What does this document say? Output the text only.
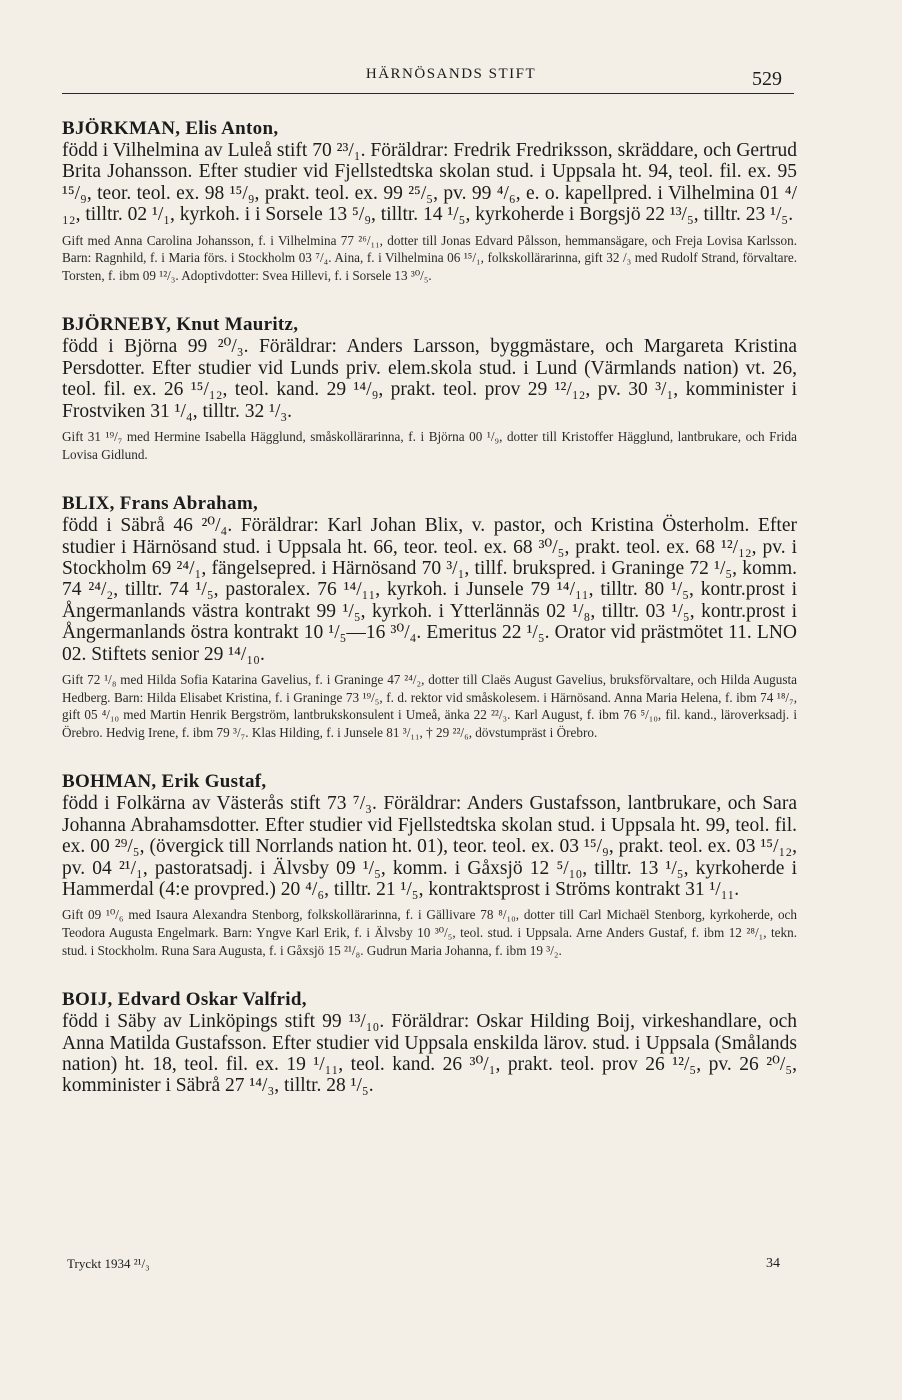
HÄRNÖSANDS STIFT	529
BJÖRKMAN, Elis Anton,
född i Vilhelmina av Luleå stift 70 ²³/₁. Föräldrar: Fredrik Fredriksson, skräddare, och Gertrud Brita Johansson. Efter studier vid Fjellstedtska skolan stud. i Uppsala ht. 94, teol. fil. ex. 95 ¹⁵/₉, teor. teol. ex. 98 ¹⁵/₉, prakt. teol. ex. 99 ²⁵/₅, pv. 99 ⁴/₆, e. o. kapellpred. i Vilhelmina 01 ⁴/₁₂, tilltr. 02 ¹/₁, kyrkoh. i i Sorsele 13 ⁵/₉, tilltr. 14 ¹/₅, kyrkoherde i Borgsjö 22 ¹³/₅, tilltr. 23 ¹/₅.
Gift med Anna Carolina Johansson, f. i Vilhelmina 77 ²⁶/₁₁, dotter till Jonas Edvard Pålsson, hemmansägare, och Freja Lovisa Karlsson. Barn: Ragnhild, f. i Maria förs. i Stockholm 03 ⁷/₄. Aina, f. i Vilhelmina 06 ¹⁵/₁, folkskollärarinna, gift 32 /₃ med Rudolf Strand, förvaltare. Torsten, f. ibm 09 ¹²/₃. Adoptivdotter: Svea Hillevi, f. i Sorsele 13 ³⁰/₅.
BJÖRNEBY, Knut Mauritz,
född i Björna 99 ²⁰/₃. Föräldrar: Anders Larsson, byggmästare, och Margareta Kristina Persdotter. Efter studier vid Lunds priv. elem.skola stud. i Lund (Värmlands nation) vt. 26, teol. fil. ex. 26 ¹⁵/₁₂, teol. kand. 29 ¹⁴/₉, prakt. teol. prov 29 ¹²/₁₂, pv. 30 ³/₁, komminister i Frostviken 31 ¹/₄, tilltr. 32 ¹/₃.
Gift 31 ¹⁹/₇ med Hermine Isabella Hägglund, småskollärarinna, f. i Björna 00 ¹/₉, dotter till Kristoffer Hägglund, lantbrukare, och Frida Lovisa Gidlund.
BLIX, Frans Abraham,
född i Säbrå 46 ²⁰/₄. Föräldrar: Karl Johan Blix, v. pastor, och Kristina Österholm. Efter studier i Härnösand stud. i Uppsala ht. 66, teor. teol. ex. 68 ³⁰/₅, prakt. teol. ex. 68 ¹²/₁₂, pv. i Stockholm 69 ²⁴/₁, fängelsepred. i Härnösand 70 ³/₁, tillf. brukspred. i Graninge 72 ¹/₅, komm. 74 ²⁴/₂, tilltr. 74 ¹/₅, pastoralex. 76 ¹⁴/₁₁, kyrkoh. i Junsele 79 ¹⁴/₁₁, tilltr. 80 ¹/₅, kontr.prost i Ångermanlands västra kontrakt 99 ¹/₅, kyrkoh. i Ytterlännäs 02 ¹/₈, tilltr. 03 ¹/₅, kontr.prost i Ångermanlands östra kontrakt 10 ¹/₅—16 ³⁰/₄. Emeritus 22 ¹/₅. Orator vid prästmötet 11. LNO 02. Stiftets senior 29 ¹⁴/₁₀.
Gift 72 ¹/₈ med Hilda Sofia Katarina Gavelius, f. i Graninge 47 ²⁴/₂, dotter till Claës August Gavelius, bruksförvaltare, och Hilda Augusta Hedberg. Barn: Hilda Elisabet Kristina, f. i Graninge 73 ¹⁹/₅, f. d. rektor vid småskolesem. i Härnösand. Anna Maria Helena, f. ibm 74 ¹⁸/₇, gift 05 ⁴/₁₀ med Martin Henrik Bergström, lantbrukskonsulent i Umeå, änka 22 ²²/₃. Karl August, f. ibm 76 ⁵/₁₀, fil. kand., läroverksadj. i Örebro. Hedvig Irene, f. ibm 79 ³/₇. Klas Hilding, f. i Junsele 81 ³/₁₁, † 29 ²²/₆, dövstumpräst i Örebro.
BOHMAN, Erik Gustaf,
född i Folkärna av Västerås stift 73 ⁷/₃. Föräldrar: Anders Gustafsson, lantbrukare, och Sara Johanna Abrahamsdotter. Efter studier vid Fjellstedtska skolan stud. i Uppsala ht. 99, teol. fil. ex. 00 ²⁹/₅, (övergick till Norrlands nation ht. 01), teor. teol. ex. 03 ¹⁵/₉, prakt. teol. ex. 03 ¹⁵/₁₂, pv. 04 ²¹/₁, pastoratsadj. i Älvsby 09 ¹/₅, komm. i Gåxsjö 12 ⁵/₁₀, tilltr. 13 ¹/₅, kyrkoherde i Hammerdal (4:e provpred.) 20 ⁴/₆, tilltr. 21 ¹/₅, kontraktsprost i Ströms kontrakt 31 ¹/₁₁.
Gift 09 ¹⁰/₆ med Isaura Alexandra Stenborg, folkskollärarinna, f. i Gällivare 78 ⁸/₁₀, dotter till Carl Michaël Stenborg, kyrkoherde, och Teodora Augusta Engelmark. Barn: Yngve Karl Erik, f. i Älvsby 10 ³⁰/₅, teol. stud. i Uppsala. Arne Anders Gustaf, f. ibm 12 ²⁸/₁, tekn. stud. i Stockholm. Runa Sara Augusta, f. i Gåxsjö 15 ²¹/₈. Gudrun Maria Johanna, f. ibm 19 ³/₂.
BOIJ, Edvard Oskar Valfrid,
född i Säby av Linköpings stift 99 ¹³/₁₀. Föräldrar: Oskar Hilding Boij, virkeshandlare, och Anna Matilda Gustafsson. Efter studier vid Uppsala enskilda lärov. stud. i Uppsala (Smålands nation) ht. 18, teol. fil. ex. 19 ¹/₁₁, teol. kand. 26 ³⁰/₁, prakt. teol. prov 26 ¹²/₅, pv. 26 ²⁰/₅, komminister i Säbrå 27 ¹⁴/₃, tilltr. 28 ¹/₅.
Tryckt 1934 ²¹/₃	34
